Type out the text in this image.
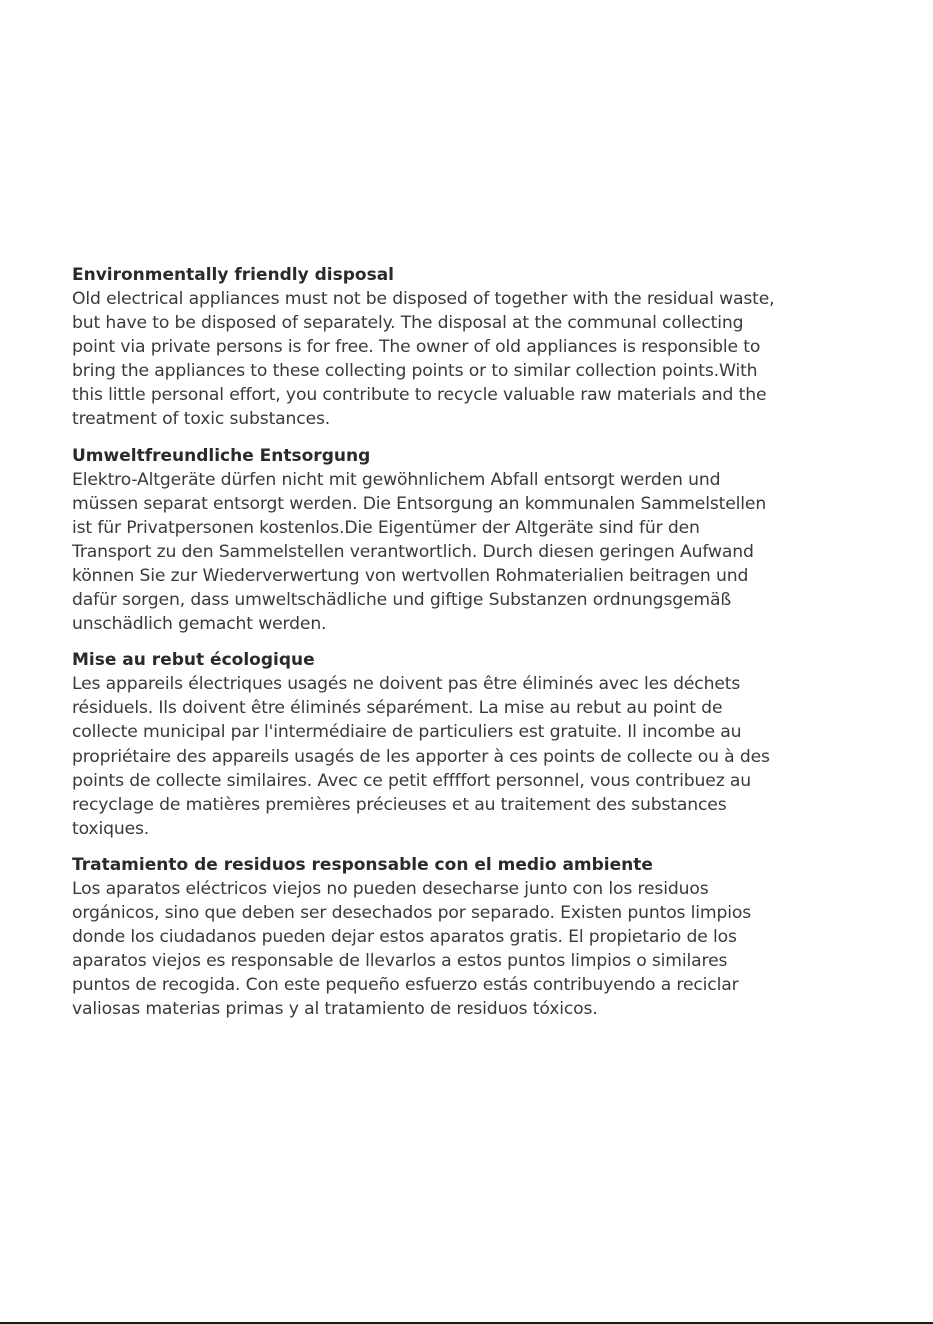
Environmentally friendly disposal
Old electrical appliances must not be disposed of together with the residual waste,
but have to be disposed of separately. The disposal at the communal collecting
point via private persons is for free. The owner of old appliances is responsible to
bring the appliances to these collecting points or to similar collection points.With
this little personal effort, you contribute to recycle valuable raw materials and the
treatment of toxic substances.
Umweltfreundliche Entsorgung
Elektro-Altgeräte dürfen nicht mit gewöhnlichem Abfall entsorgt werden und
müssen separat entsorgt werden. Die Entsorgung an kommunalen Sammelstellen
ist für Privatpersonen kostenlos.Die Eigentümer der Altgeräte sind für den
Transport zu den Sammelstellen verantwortlich. Durch diesen geringen Aufwand
können Sie zur Wiederverwertung von wertvollen Rohmaterialien beitragen und
dafür sorgen, dass umweltschädliche und giftige Substanzen ordnungsgemäß
unschädlich gemacht werden.
Mise au rebut écologique
Les appareils électriques usagés ne doivent pas être éliminés avec les déchets
résiduels. Ils doivent être éliminés séparément. La mise au rebut au point de
collecte municipal par l'intermédiaire de particuliers est gratuite. Il incombe au
propriétaire des appareils usagés de les apporter à ces points de collecte ou à des
points de collecte similaires. Avec ce petit effffort personnel, vous contribuez au
recyclage de matières premières précieuses et au traitement des substances
toxiques.
Tratamiento de residuos responsable con el medio ambiente
Los aparatos eléctricos viejos no pueden desecharse junto con los residuos
orgánicos, sino que deben ser desechados por separado. Existen puntos limpios
donde los ciudadanos pueden dejar estos aparatos gratis. El propietario de los
aparatos viejos es responsable de llevarlos a estos puntos limpios o similares
puntos de recogida. Con este pequeño esfuerzo estás contribuyendo a reciclar
valiosas materias primas y al tratamiento de residuos tóxicos.
